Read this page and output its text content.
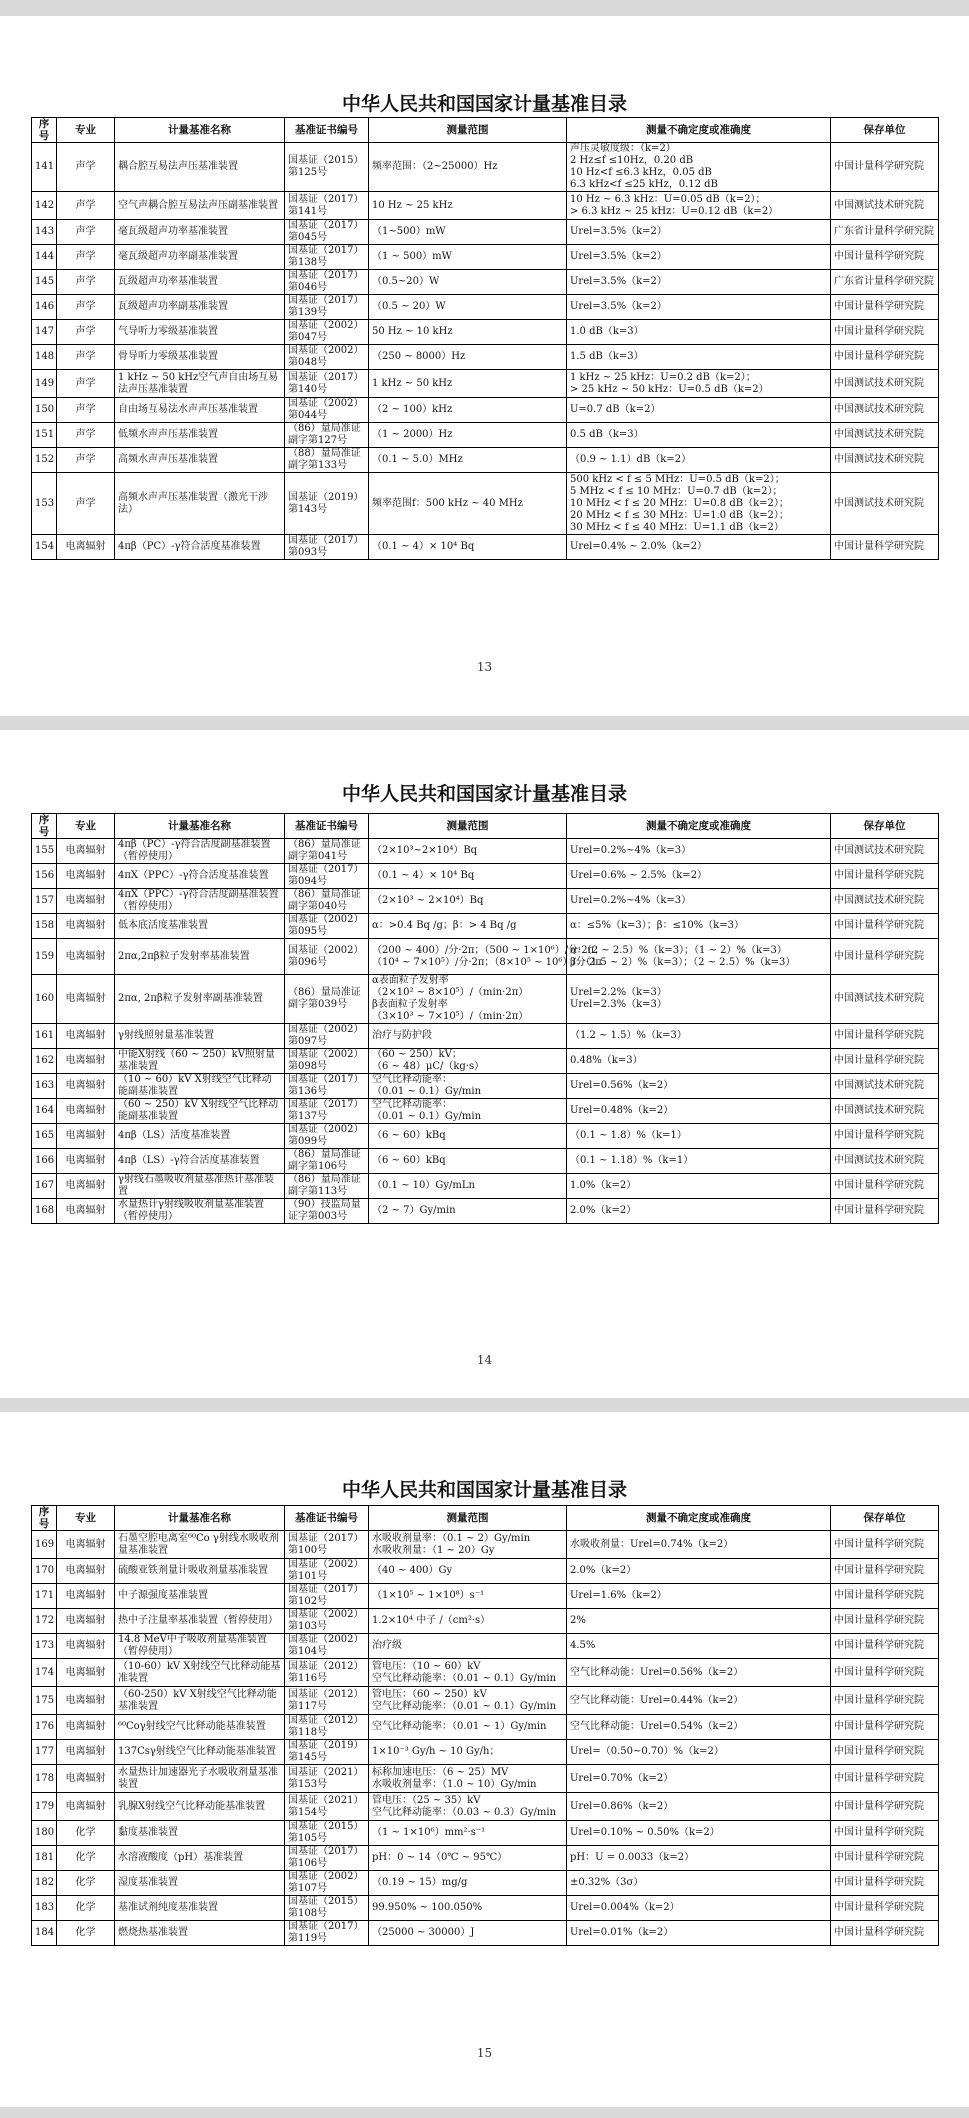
中华人民共和国国家计量基准目录
中华人民共和国国家计量基准目录
中华人民共和国国家计量基准目录
序号	专业	计量基准名称	基准证书编号	测量范围	测量不确定度或准确度	保存单位

141	声学	耦合腔互易法声压基准装置	国基证（2015）第125号	频率范围：（2~25000）Hz	声压灵敏度级：（k=2）
2 Hz≤f ≤10Hz，0.20 dB
10 Hz<f ≤6.3 kHz，0.05 dB
6.3 kHz<f ≤25 kHz，0.12 dB	中国计量科学研究院

142	声学	空气声耦合腔互易法声压副基准装置	国基证（2017）第141号	10 Hz ~ 25 kHz	10 Hz ~ 6.3 kHz：U=0.05 dB（k=2）；
> 6.3 kHz ~ 25 kHz：U=0.12 dB（k=2）	中国测试技术研究院

143	声学	毫瓦级超声功率基准装置	国基证（2017）第045号	（1~500）mW	Urel=3.5%（k=2）	广东省计量科学研究院

144	声学	毫瓦级超声功率副基准装置	国基证（2017）第138号	（1 ~ 500）mW	Urel=3.5%（k=2）	中国计量科学研究院

145	声学	瓦级超声功率基准装置	国基证（2017）第046号	（0.5~20）W	Urel=3.5%（k=2）	广东省计量科学研究院

146	声学	瓦级超声功率副基准装置	国基证（2017）第139号	（0.5 ~ 20）W	Urel=3.5%（k=2）	中国计量科学研究院

147	声学	气导听力零级基准装置	国基证（2002）第047号	50 Hz ~ 10 kHz	1.0 dB（k=3）	中国计量科学研究院

148	声学	骨导听力零级基准装置	国基证（2002）第048号	（250 ~ 8000）Hz	1.5 dB（k=3）	中国计量科学研究院

149	声学	1 kHz ~ 50 kHz空气声自由场互易法声压基准装置	国基证（2017）第140号	1 kHz ~ 50 kHz	1 kHz ~ 25 kHz：U=0.2 dB（k=2）；
> 25 kHz ~ 50 kHz：U=0.5 dB（k=2）	中国测试技术研究院

150	声学	自由场互易法水声声压基准装置	国基证（2002）第044号	（2 ~ 100）kHz	U=0.7 dB（k=2）	中国测试技术研究院

151	声学	低频水声声压基准装置	（86）量局准证副字第127号	（1 ~ 2000）Hz	0.5 dB（k=3）	中国测试技术研究院

152	声学	高频水声声压基准装置	（88）量局准证副字第133号	（0.1 ~ 5.0）MHz	（0.9 ~ 1.1）dB（k=2）	中国测试技术研究院

153	声学	高频水声声压基准装置（激光干涉法）	国基证（2019）第143号	频率范围f：500 kHz ~ 40 MHz	500 kHz < f ≤ 5 MHz：U=0.5 dB（k=2）；
5 MHz < f ≤ 10 MHz：U=0.7 dB（k=2）；
10 MHz < f ≤ 20 MHz：U=0.8 dB（k=2）；
20 MHz < f ≤ 30 MHz：U=1.0 dB（k=2）；
30 MHz < f ≤ 40 MHz：U=1.1 dB（k=2）	中国测试技术研究院

154	电离辐射	4πβ（PC）-γ符合活度基准装置	国基证（2017）第093号	（0.1 ~ 4）× 10⁴ Bq	Urel=0.4% ~ 2.0%（k=2）	中国计量科学研究院
序号	专业	计量基准名称	基准证书编号	测量范围	测量不确定度或准确度	保存单位

155	电离辐射	4πβ（PC）-γ符合活度副基准装置（暂停使用）	（86）量局准证副字第041号	（2×10³~2×10⁴）Bq	Urel=0.2%~4%（k=3）	中国测试技术研究院

156	电离辐射	4πX（PPC）-γ符合活度基准装置	国基证（2017）第094号	（0.1 ~ 4）× 10⁴ Bq	Urel=0.6% ~ 2.5%（k=2）	中国计量科学研究院

157	电离辐射	4πX（PPC）-γ符合活度副基准装置（暂停使用）	（86）量局准证副字第040号	（2×10³ ~ 2×10⁴）Bq	Urel=0.2%~4%（k=3）	中国测试技术研究院

158	电离辐射	低本底活度基准装置	国基证（2002）第095号	α：>0.4 Bq /g；β：> 4 Bq /g	α：≤5%（k=3）；β：≤10%（k=3）	中国计量科学研究院

159	电离辐射	2πα,2πβ粒子发射率基准装置	国基证（2002）第096号	（200 ~ 400）/分·2π；（500 ~ 1×10⁶）/分·2π；
（10⁴ ~ 7×10⁵）/分·2π；（8×10⁵ ~ 10⁶）/分·2π	α：（2 ~ 2.5）%（k=3）；（1 ~ 2）%（k=3）
β：（1.5 ~ 2）%（k=3）；（2 ~ 2.5）%（k=3）	中国计量科学研究院

160	电离辐射	2πα, 2πβ粒子发射率副基准装置	（86）量局准证副字第039号	α表面粒子发射率
（2×10² ~ 8×10⁵）/（min·2π）
β表面粒子发射率
（3×10³ ~ 7×10⁵）/（min·2π）	Urel=2.2%（k=3）
Urel=2.3%（k=3）	中国测试技术研究院

161	电离辐射	γ射线照射量基准装置	国基证（2002）第097号	治疗与防护段	（1.2 ~ 1.5）%（k=3）	中国计量科学研究院

162	电离辐射	中能X射线（60 ~ 250）kV照射量基准装置	国基证（2002）第098号	（60 ~ 250）kV；
（6 ~ 48）μC/（kg·s）	0.48%（k=3）	中国计量科学研究院

163	电离辐射	（10 ~ 60）kV X射线空气比释动能副基准装置	国基证（2017）第136号	空气比释动能率：
（0.01 ~ 0.1）Gy/min	Urel=0.56%（k=2）	中国测试技术研究院

164	电离辐射	（60 ~ 250）kV X射线空气比释动能副基准装置	国基证（2017）第137号	空气比释动能率：
（0.01 ~ 0.1）Gy/min	Urel=0.48%（k=2）	中国测试技术研究院

165	电离辐射	4πβ（LS）活度基准装置	国基证（2002）第099号	（6 ~ 60）kBq	（0.1 ~ 1.8）%（k=1）	中国计量科学研究院

166	电离辐射	4πβ（LS）-γ符合活度基准装置	（86）量局准证副字第106号	（6 ~ 60）kBq	（0.1 ~ 1.18）%（k=1）	中国测试技术研究院

167	电离辐射	γ射线石墨吸收剂量基准热计基准装置	（86）量局准证副字第113号	（0.1 ~ 10）Gy/mLn	1.0%（k=2）	中国计量科学研究院

168	电离辐射	水量热计γ射线吸收剂量基准装置（暂停使用）	（90）技监局量证字第003号	（2 ~ 7）Gy/min	2.0%（k=2）	中国计量科学研究院
序号	专业	计量基准名称	基准证书编号	测量范围	测量不确定度或准确度	保存单位

169	电离辐射	石墨空腔电离室⁶⁰Co γ射线水吸收剂量基准装置	国基证（2017）第100号	水吸收剂量率：（0.1 ~ 2）Gy/min
水吸收剂量：（1 ~ 20）Gy	水吸收剂量：Urel=0.74%（k=2）	中国计量科学研究院

170	电离辐射	硫酸亚铁剂量计吸收剂量基准装置	国基证（2002）第101号	（40 ~ 400）Gy	2.0%（k=2）	中国计量科学研究院

171	电离辐射	中子源强度基准装置	国基证（2017）第102号	（1×10⁵ ~ 1×10⁸）s⁻¹	Urel=1.6%（k=2）	中国计量科学研究院

172	电离辐射	热中子注量率基准装置（暂停使用）	国基证（2002）第103号	1.2×10⁴ 中子 /（cm²·s）	2%	中国计量科学研究院

173	电离辐射	14.8 MeV中子吸收剂量基准装置（暂停使用）	国基证（2002）第104号	治疗级	4.5%	中国计量科学研究院

174	电离辐射	（10-60）kV X射线空气比释动能基准装置	国基证（2012）第116号	管电压：（10 ~ 60）kV
空气比释动能率：（0.01 ~ 0.1）Gy/min	空气比释动能：Urel=0.56%（k=2）	中国计量科学研究院

175	电离辐射	（60-250）kV X射线空气比释动能基准装置	国基证（2012）第117号	管电压：（60 ~ 250）kV
空气比释动能率：（0.01 ~ 0.1）Gy/min	空气比释动能：Urel=0.44%（k=2）	中国计量科学研究院

176	电离辐射	⁶⁰Coγ射线空气比释动能基准装置	国基证（2012）第118号	空气比释动能率：（0.01 ~ 1）Gy/min	空气比释动能：Urel=0.54%（k=2）	中国计量科学研究院

177	电离辐射	137Csγ射线空气比释动能基准装置	国基证（2019）第145号	1×10⁻³ Gy/h ~ 10 Gy/h；	Urel=（0.50~0.70）%（k=2）	中国计量科学研究院

178	电离辐射	水量热计加速器光子水吸收剂量基准装置	国基证（2021）第153号	标称加速电压：（6 ~ 25）MV
水吸收剂量率：（1.0 ~ 10）Gy/min	Urel=0.70%（k=2）	中国计量科学研究院

179	电离辐射	乳腺X射线空气比释动能基准装置	国基证（2021）第154号	管电压：（25 ~ 35）kV
空气比释动能率：（0.03 ~ 0.3）Gy/min	Urel=0.86%（k=2）	中国计量科学研究院

180	化学	黏度基准装置	国基证（2015）第105号	（1 ~ 1×10⁶）mm²·s⁻¹	Urel=0.10% ~ 0.50%（k=2）	中国计量科学研究院

181	化学	水溶液酸度（pH）基准装置	国基证（2017）第106号	pH：0 ~ 14（0℃ ~ 95℃）	pH：U = 0.0033（k=2）	中国计量科学研究院

182	化学	湿度基准装置	国基证（2002）第107号	（0.19 ~ 15）mg/g	±0.32%（3σ）	中国计量科学研究院

183	化学	基准试剂纯度基准装置	国基证（2015）第108号	99.950% ~ 100.050%	Urel=0.004%（k=2）	中国计量科学研究院

184	化学	燃烧热基准装置	国基证（2017）第119号	（25000 ~ 30000）J	Urel=0.01%（k=2）	中国计量科学研究院
13
14
15
